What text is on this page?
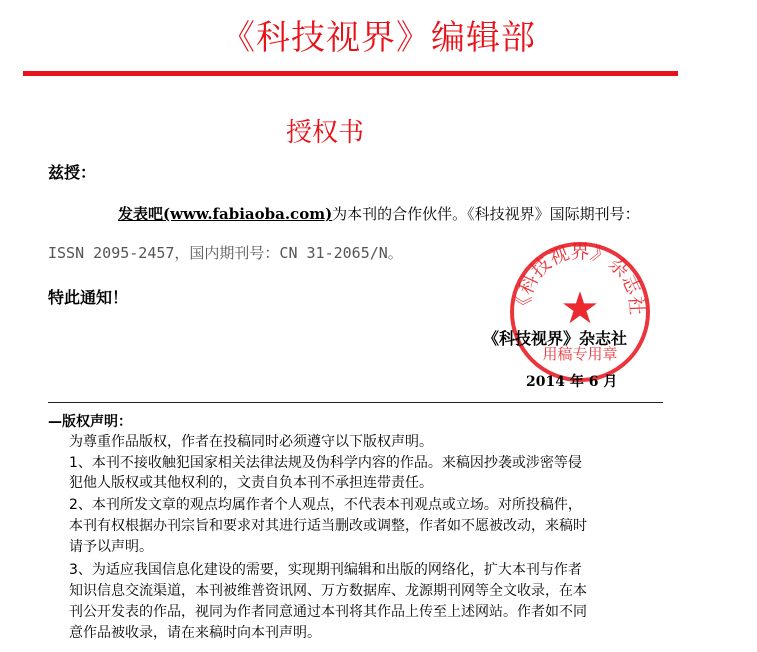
《科技视界》编辑部
授权书
兹授：
发表吧(www.fabiaoba.com)为本刊的合作伙伴。《科技视界》国际期刊号：
ISSN 2095-2457，国内期刊号：CN 31-2065/N。
特此通知！	《科技视界》杂志社
★
用稿专用章
《科技视界》杂志社
2014 年 6 月
—版权声明：
为尊重作品版权，作者在投稿同时必须遵守以下版权声明。
1、本刊不接收触犯国家相关法律法规及伪科学内容的作品。来稿因抄袭或涉密等侵
犯他人版权或其他权利的，文责自负本刊不承担连带责任。
2、本刊所发文章的观点均属作者个人观点，不代表本刊观点或立场。对所投稿件，
本刊有权根据办刊宗旨和要求对其进行适当删改或调整，作者如不愿被改动，来稿时
请予以声明。
3、为适应我国信息化建设的需要，实现期刊编辑和出版的网络化，扩大本刊与作者
知识信息交流渠道，本刊被维普资讯网、万方数据库、龙源期刊网等全文收录，在本
刊公开发表的作品，视同为作者同意通过本刊将其作品上传至上述网站。作者如不同
意作品被收录，请在来稿时向本刊声明。
